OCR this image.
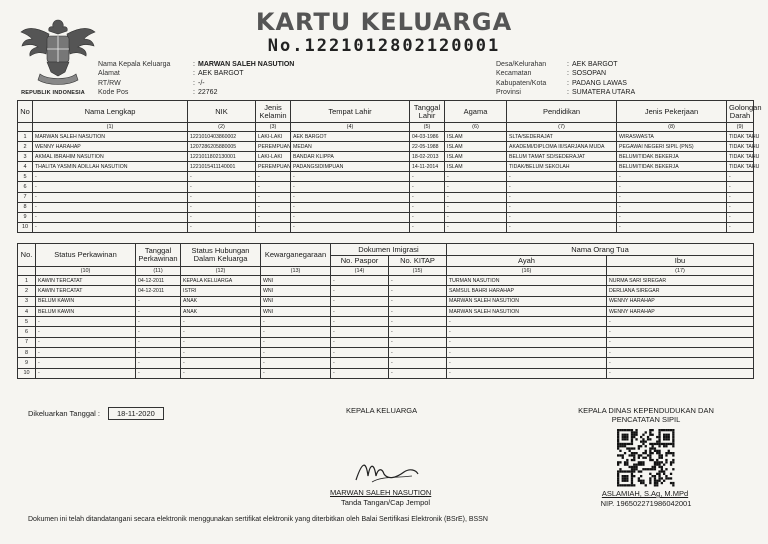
REPUBLIK INDONESIA
KARTU KELUARGA
No.1221012802120001
Nama Kepala Keluarga	: MARWAN SALEH NASUTION
Alamat	: AEK BARGOT
RT/RW	: -/-
Kode Pos	: 22762
Desa/Kelurahan	: AEK BARGOT
Kecamatan	: SOSOPAN
Kabupaten/Kota	: PADANG LAWAS
Provinsi	: SUMATERA UTARA
No	Nama Lengkap	NIK	Jenis Kelamin	Tempat Lahir	Tanggal Lahir	Agama	Pendidikan	Jenis Pekerjaan	Golongan Darah
	(1)	(2)	(3)	(4)	(5)	(6)	(7)	(8)	(9)
1	MARWAN SALEH NASUTION	1221010403860002	LAKI-LAKI	AEK BARGOT	04-03-1986	ISLAM	SLTA/SEDERAJAT	WIRASWASTA	TIDAK TAHU
2	WENNY HARAHAP	1207286205880005	PEREMPUAN	MEDAN	22-05-1988	ISLAM	AKADEMI/DIPLOMA III/SARJANA MUDA	PEGAWAI NEGERI SIPIL (PNS)	TIDAK TAHU
3	AKMAL IBRAHIM NASUTION	1221011802130001	LAKI-LAKI	BANDAR KLIPPA	18-02-2013	ISLAM	BELUM TAMAT SD/SEDERAJAT	BELUM/TIDAK BEKERJA	TIDAK TAHU
4	THALITA YASMIN ADILLAH NASUTION	1221015411140001	PEREMPUAN	PADANGSIDIMPUAN	14-11-2014	ISLAM	TIDAK/BELUM SEKOLAH	BELUM/TIDAK BEKERJA	TIDAK TAHU
5	-	-	-	-	-	-	-	-	-
6	-	-	-	-	-	-	-	-	-
7	-	-	-	-	-	-	-	-	-
8	-	-	-	-	-	-	-	-	-
9	-	-	-	-	-	-	-	-	-
10	-	-	-	-	-	-	-	-	-
No.	Status Perkawinan	Tanggal Perkawinan	Status Hubungan Dalam Keluarga	Kewarganegaraan	Dokumen Imigrasi		Nama Orang Tua	
					No. Paspor	No. KITAP	Ayah	Ibu
	(10)	(11)	(12)	(13)	(14)	(15)	(16)	(17)
1	KAWIN TERCATAT	04-12-2011	KEPALA KELUARGA	WNI	-	-	TURMAN NASUTION	NURMA SARI SIREGAR
2	KAWIN TERCATAT	04-12-2011	ISTRI	WNI	-	-	SAMSUL BAHRI HARAHAP	DERLIANA SIREGAR
3	BELUM KAWIN	-	ANAK	WNI	-	-	MARWAN SALEH NASUTION	WENNY HARAHAP
4	BELUM KAWIN	-	ANAK	WNI	-	-	MARWAN SALEH NASUTION	WENNY HARAHAP
5	-	-	-	-	-	-	-	-
6	-	-	-	-	-	-	-	-
7	-	-	-	-	-	-	-	-
8	-	-	-	-	-	-	-	-
9	-	-	-	-	-	-	-	-
10	-	-	-	-	-	-	-	-
Dikeluarkan Tanggal :	18-11-2020	KEPALA KELUARGA
MARWAN SALEH NASUTION
Tanda Tangan/Cap Jempol
KEPALA DINAS KEPENDUDUKAN DAN
PENCATATAN SIPIL
ASLAMIAH, S.Ag, M.MPd
NIP. 196502271986042001
Dokumen ini telah ditandatangani secara elektronik menggunakan sertifikat elektronik yang diterbitkan oleh Balai Sertifikasi Elektronik (BSrE), BSSN
